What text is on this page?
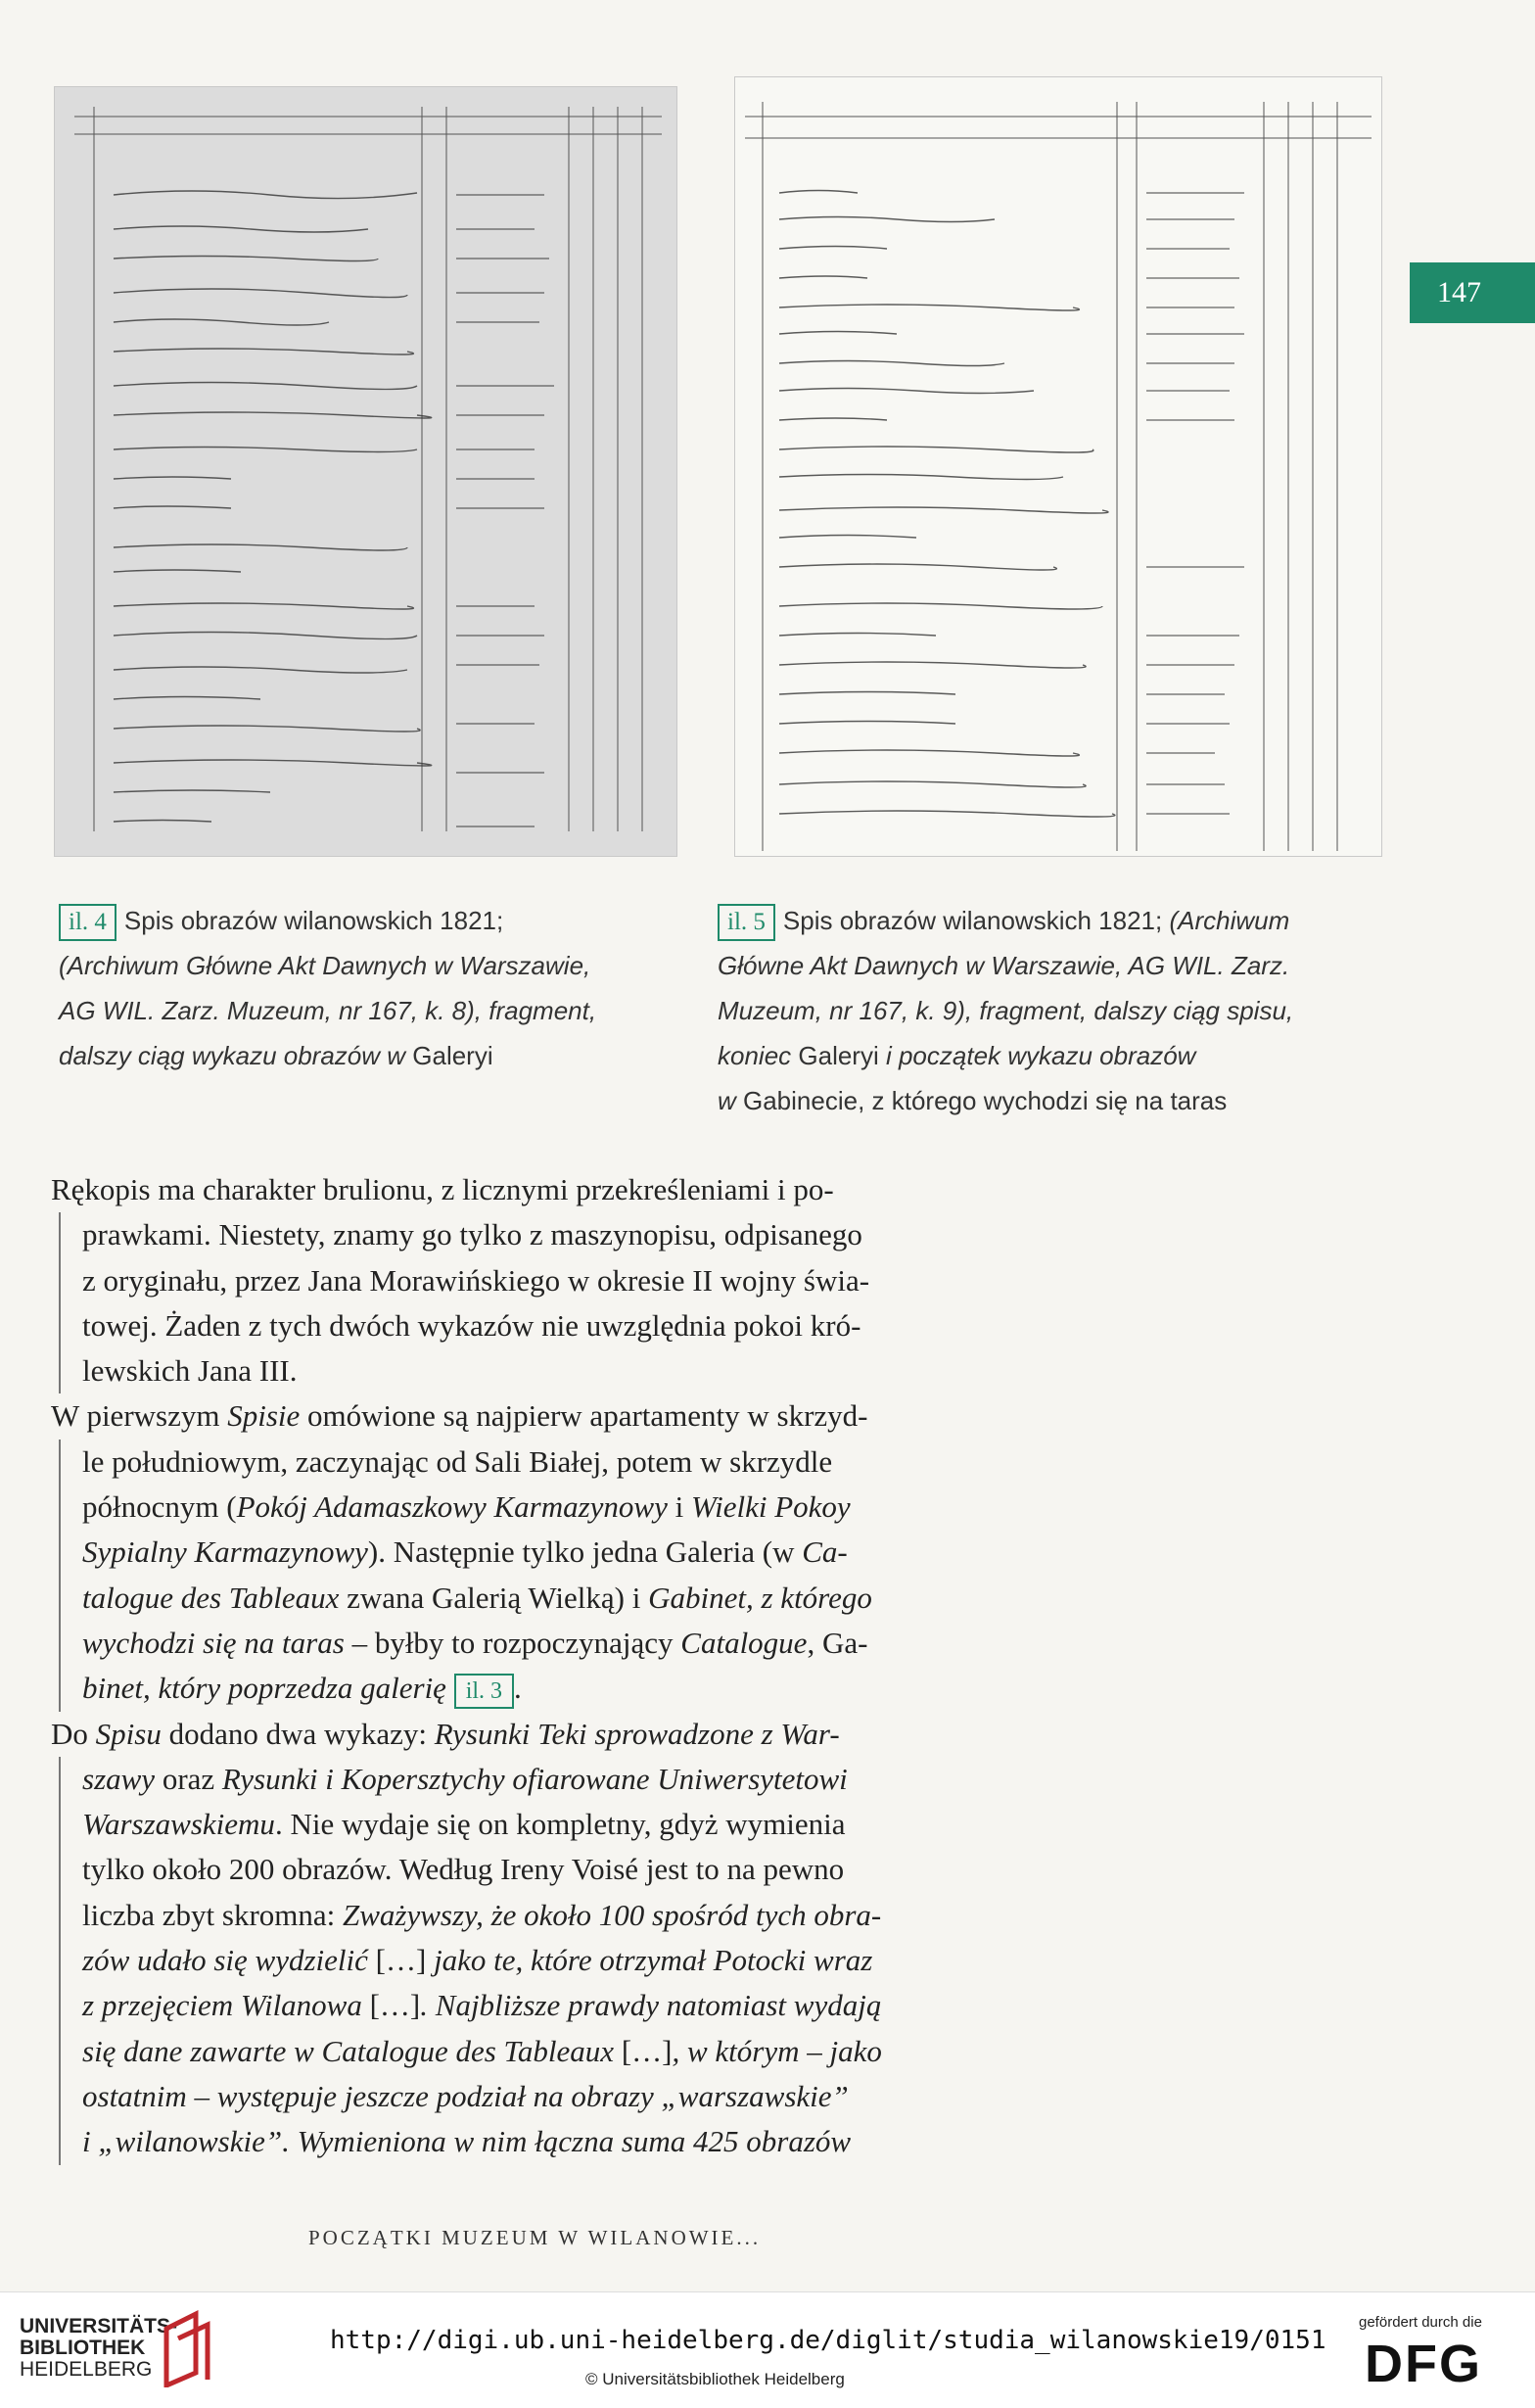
147
il. 4 Spis obrazów wilanowskich 1821;
(Archiwum Główne Akt Dawnych w Warszawie,
AG WIL. Zarz. Muzeum, nr 167, k. 8), fragment,
dalszy ciąg wykazu obrazów w Galeryi
il. 5 Spis obrazów wilanowskich 1821; (Archiwum
Główne Akt Dawnych w Warszawie, AG WIL. Zarz.
Muzeum, nr 167, k. 9), fragment, dalszy ciąg spisu,
koniec Galeryi i początek wykazu obrazów
w Gabinecie, z którego wychodzi się na taras
Rękopis ma charakter brulionu, z licznymi przekreśleniami i po-
prawkami. Niestety, znamy go tylko z maszynopisu, odpisanego
z oryginału, przez Jana Morawińskiego w okresie II wojny świa-
towej. Żaden z tych dwóch wykazów nie uwzględnia pokoi kró-
lewskich Jana III.
W pierwszym Spisie omówione są najpierw apartamenty w skrzyd-
le południowym, zaczynając od Sali Białej, potem w skrzydle
północnym (Pokój Adamaszkowy Karmazynowy i Wielki Pokoy
Sypialny Karmazynowy). Następnie tylko jedna Galeria (w Ca-
talogue des Tableaux zwana Galerią Wielką) i Gabinet, z którego
wychodzi się na taras – byłby to rozpoczynający Catalogue, Ga-
binet, który poprzedza galerię il. 3 .
Do Spisu dodano dwa wykazy: Rysunki Teki sprowadzone z War-
szawy oraz Rysunki i Kopersztychy ofiarowane Uniwersytetowi
Warszawskiemu. Nie wydaje się on kompletny, gdyż wymienia
tylko około 200 obrazów. Według Ireny Voisé jest to na pewno
liczba zbyt skromna: Zważywszy, że około 100 spośród tych obra-
zów udało się wydzielić […] jako te, które otrzymał Potocki wraz
z przejęciem Wilanowa […]. Najbliższe prawdy natomiast wydają
się dane zawarte w Catalogue des Tableaux […], w którym – jako
ostatnim – występuje jeszcze podział na obrazy „warszawskie”
i „wilanowskie”. Wymieniona w nim łączna suma 425 obrazów
POCZĄTKI MUZEUM W WILANOWIE...
UNIVERSITÄTS-
BIBLIOTHEK
HEIDELBERG
http://digi.ub.uni-heidelberg.de/diglit/studia_wilanowskie19/0151
© Universitätsbibliothek Heidelberg
gefördert durch die
DFG
